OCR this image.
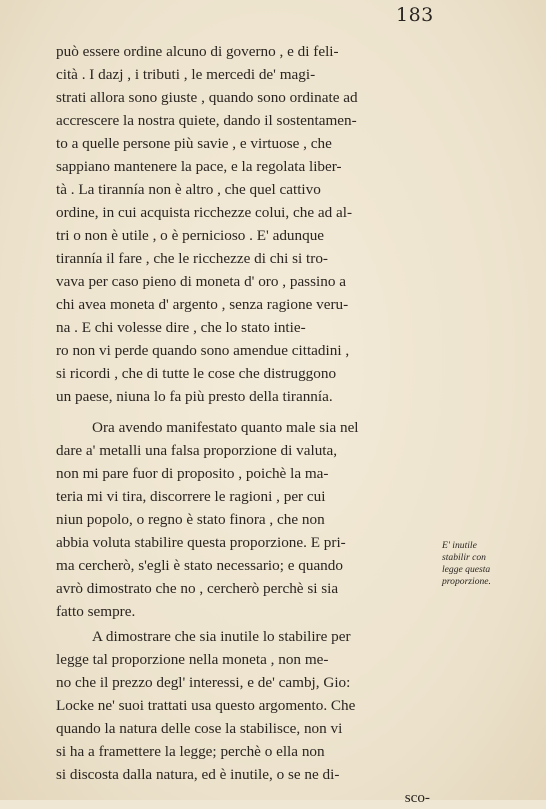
183
può essere ordine alcuno di governo , e di feli-
cità . I dazj , i tributi , le mercedi de' magi-
strati allora sono giuste , quando sono ordinate ad
accrescere la nostra quiete, dando il sostentamen-
to a quelle persone più savie , e virtuose , che
sappiano mantenere la pace, e la regolata liber-
tà . La tirannía non è altro , che quel cattivo
ordine, in cui acquista ricchezze colui, che ad al-
tri o non è utile , o è pernicioso . E' adunque
tirannía il fare , che le ricchezze di chi si tro-
vava per caso pieno di moneta d' oro , passino a
chi avea moneta d' argento , senza ragione veru-
na . E chi volesse dire , che lo stato intie-
ro non vi perde quando sono amendue cittadini ,
si ricordi , che di tutte le cose che distruggono
un paese, niuna lo fa più presto della tirannía.
Ora avendo manifestato quanto male sia nel
dare a' metalli una falsa proporzione di valuta,
non mi pare fuor di proposito , poichè la ma-
teria mi vi tira, discorrere le ragioni , per cui
niun popolo, o regno è stato finora , che non
abbia voluta stabilire questa proporzione. E pri-
ma cercherò, s'egli è stato necessario; e quando
avrò dimostrato che no , cercherò perchè si sia
fatto sempre.
A dimostrare che sia inutile lo stabilire per
legge tal proporzione nella moneta , non me-
no che il prezzo degl' interessi, e de' cambj, Gio:
Locke ne' suoi trattati usa questo argomento. Che
quando la natura delle cose la stabilisce, non vi
si ha a framettere la legge; perchè o ella non
si discosta dalla natura, ed è inutile, o se ne di-
sco-
E' inutile
stabilir con
legge questa
proporzione.
